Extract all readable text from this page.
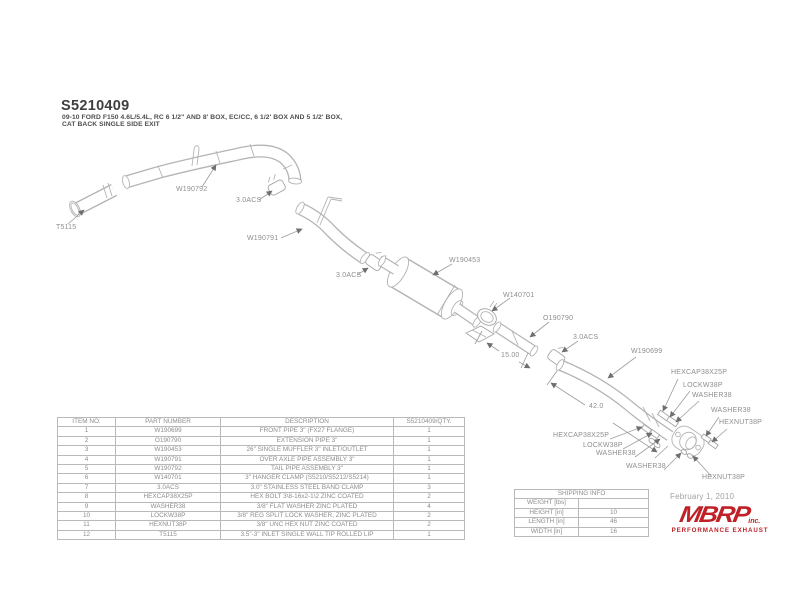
S5210409
09-10 FORD F150 4.6L/5.4L, RC 6 1/2" AND 8' BOX, EC/CC, 6 1/2' BOX AND 5 1/2' BOX,
CAT BACK SINGLE SIDE EXIT
T5115
W190792
3.0ACS
W190791
3.0ACS
W190453
W140701
O190790
15.00
3.0ACS
W190699
42.0
HEXCAP38X25P
LOCKW38P
WASHER38
WASHER38
HEXNUT38P
HEXCAP38X25P
LOCKW38P
WASHER38
WASHER38
HEXNUT38P
ITEM NO.	PART NUMBER	DESCRIPTION	S5210409/QTY.
1	W190699	FRONT PIPE 3" (FX27 FLANGE)	1
2	O190790	EXTENSION PIPE 3"	1
3	W190453	26" SINGLE MUFFLER 3" INLET/OUTLET	1
4	W190791	OVER AXLE PIPE ASSEMBLY 3"	1
5	W190792	TAIL PIPE ASSEMBLY 3"	1
6	W140701	3" HANGER CLAMP (S5210/S5212/S5214)	1
7	3.0ACS	3.0" STAINLESS STEEL BAND CLAMP	3
8	HEXCAP38X25P	HEX BOLT 3\8-16x2-1\2 ZINC COATED	2
9	WASHER38	3/8" FLAT WASHER ZINC PLATED	4
10	LOCKW38P	3/8" REG SPLIT LOCK WASHER, ZINC PLATED	2
11	HEXNUT38P	3/8" UNC HEX NUT ZINC COATED	2
12	T5115	3.5"-3" INLET SINGLE WALL TIP ROLLED LIP	1
SHIPPING INFO	
WEIGHT [lbs]	
HEIGHT [in]	10
LENGTH [in]	46
WIDTH [in]	16
February 1, 2010
MBRPinc.
PERFORMANCE EXHAUST
